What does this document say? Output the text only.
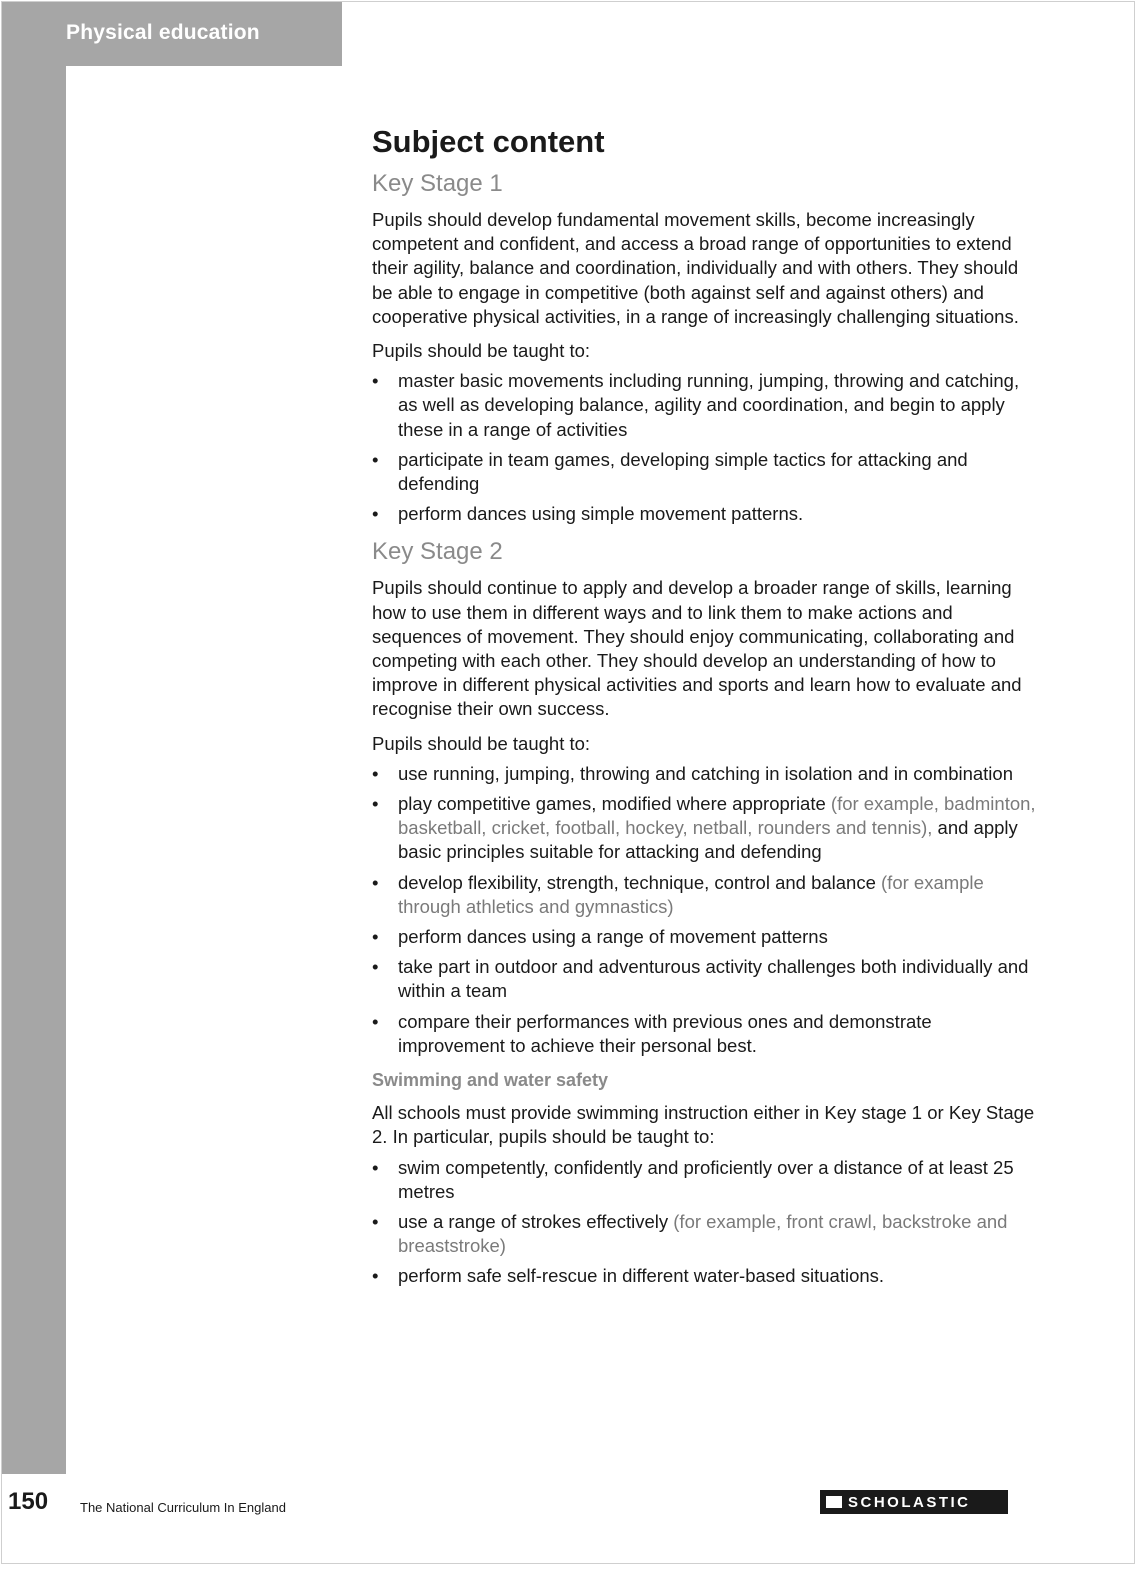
Physical education
Subject content
Key Stage 1

Pupils should develop fundamental movement skills, become increasingly competent and confident, and access a broad range of opportunities to extend their agility, balance and coordination, individually and with others. They should be able to engage in competitive (both against self and against others) and cooperative physical activities, in a range of increasingly challenging situations.

Pupils should be taught to:

• master basic movements including running, jumping, throwing and catching, as well as developing balance, agility and coordination, and begin to apply these in a range of activities
• participate in team games, developing simple tactics for attacking and defending
• perform dances using simple movement patterns.
Key Stage 2

Pupils should continue to apply and develop a broader range of skills, learning how to use them in different ways and to link them to make actions and sequences of movement. They should enjoy communicating, collaborating and competing with each other. They should develop an understanding of how to improve in different physical activities and sports and learn how to evaluate and recognise their own success.

Pupils should be taught to:

• use running, jumping, throwing and catching in isolation and in combination
• play competitive games, modified where appropriate (for example, badminton, basketball, cricket, football, hockey, netball, rounders and tennis), and apply basic principles suitable for attacking and defending
• develop flexibility, strength, technique, control and balance (for example through athletics and gymnastics)
• perform dances using a range of movement patterns
• take part in outdoor and adventurous activity challenges both individually and within a team
• compare their performances with previous ones and demonstrate improvement to achieve their personal best.
Swimming and water safety

All schools must provide swimming instruction either in Key stage 1 or Key Stage 2. In particular, pupils should be taught to:

• swim competently, confidently and proficiently over a distance of at least 25 metres
• use a range of strokes effectively (for example, front crawl, backstroke and breaststroke)
• perform safe self-rescue in different water-based situations.
150 The National Curriculum In England	SCHOLASTIC
